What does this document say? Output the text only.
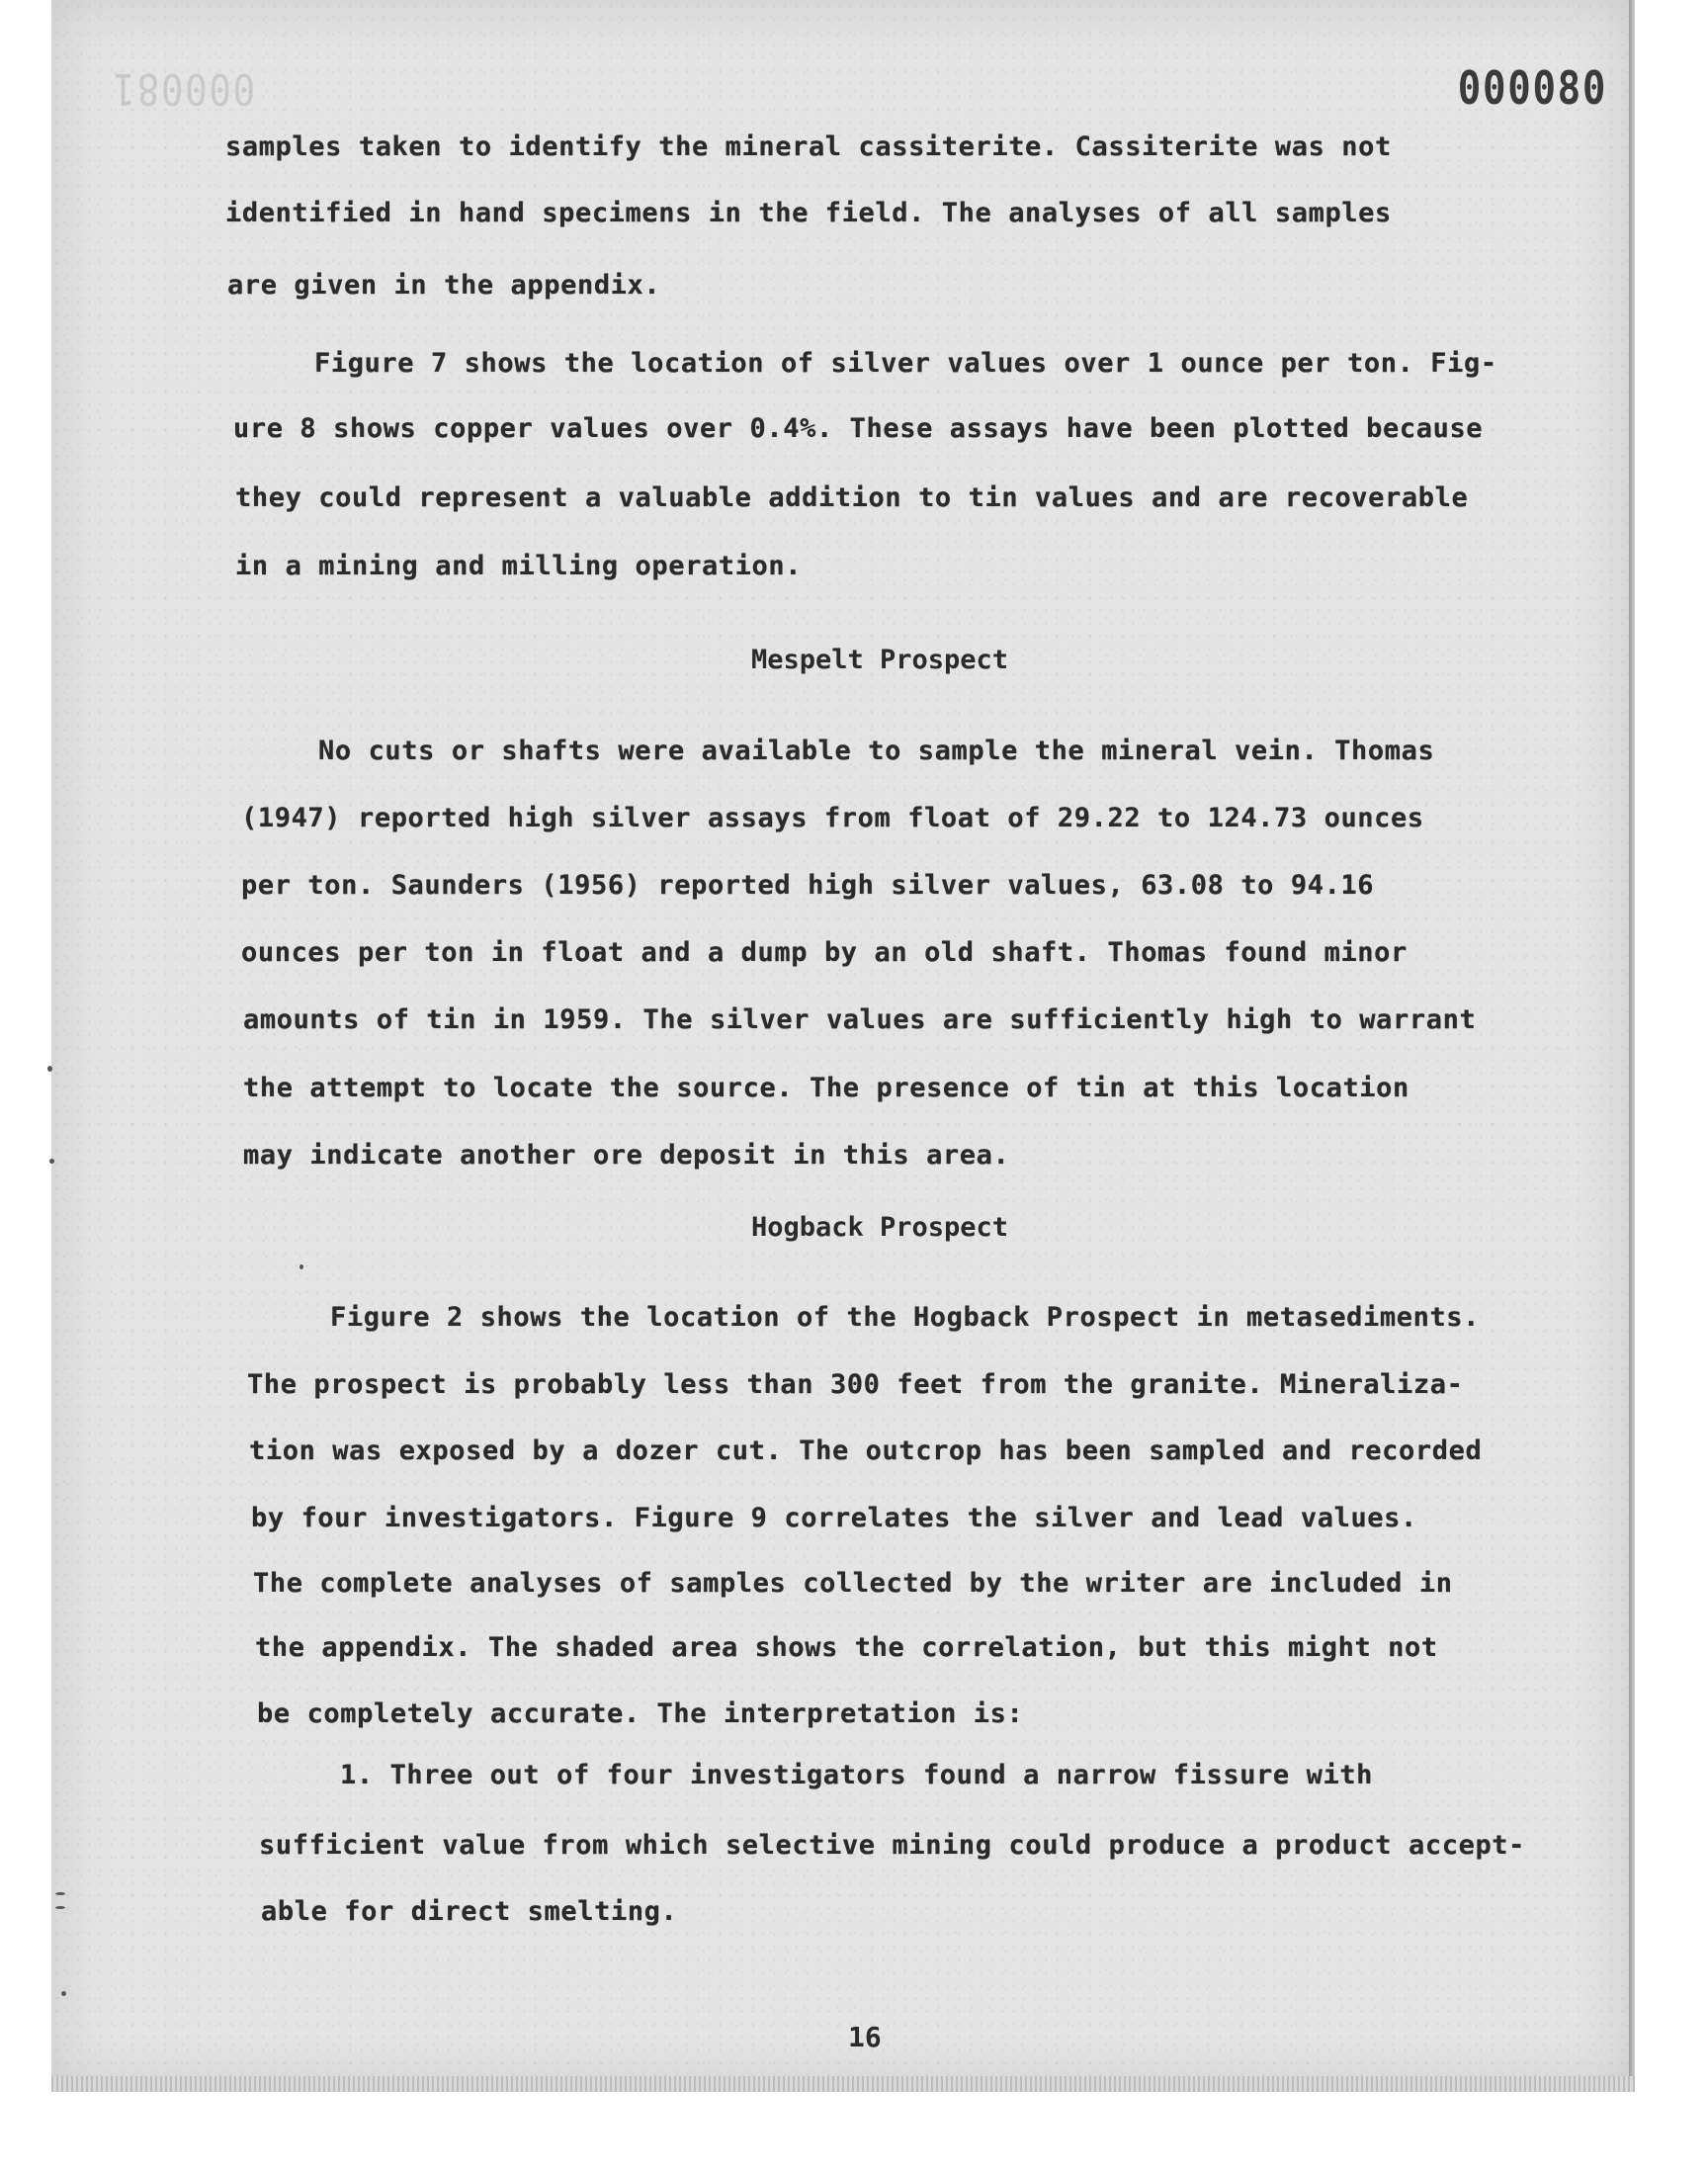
000081	000080
samples taken to identify the mineral cassiterite. Cassiterite was not
identified in hand specimens in the field. The analyses of all samples
are given in the appendix.
Figure 7 shows the location of silver values over 1 ounce per ton. Fig-
ure 8 shows copper values over 0.4%. These assays have been plotted because
they could represent a valuable addition to tin values and are recoverable
in a mining and milling operation.
Mespelt Prospect
No cuts or shafts were available to sample the mineral vein. Thomas
(1947) reported high silver assays from float of 29.22 to 124.73 ounces
per ton. Saunders (1956) reported high silver values, 63.08 to 94.16
ounces per ton in float and a dump by an old shaft. Thomas found minor
amounts of tin in 1959. The silver values are sufficiently high to warrant
the attempt to locate the source. The presence of tin at this location
may indicate another ore deposit in this area.
Hogback Prospect
Figure 2 shows the location of the Hogback Prospect in metasediments.
The prospect is probably less than 300 feet from the granite. Mineraliza-
tion was exposed by a dozer cut. The outcrop has been sampled and recorded
by four investigators. Figure 9 correlates the silver and lead values.
The complete analyses of samples collected by the writer are included in
the appendix. The shaded area shows the correlation, but this might not
be completely accurate. The interpretation is:
1. Three out of four investigators found a narrow fissure with
sufficient value from which selective mining could produce a product accept-
able for direct smelting.
16
